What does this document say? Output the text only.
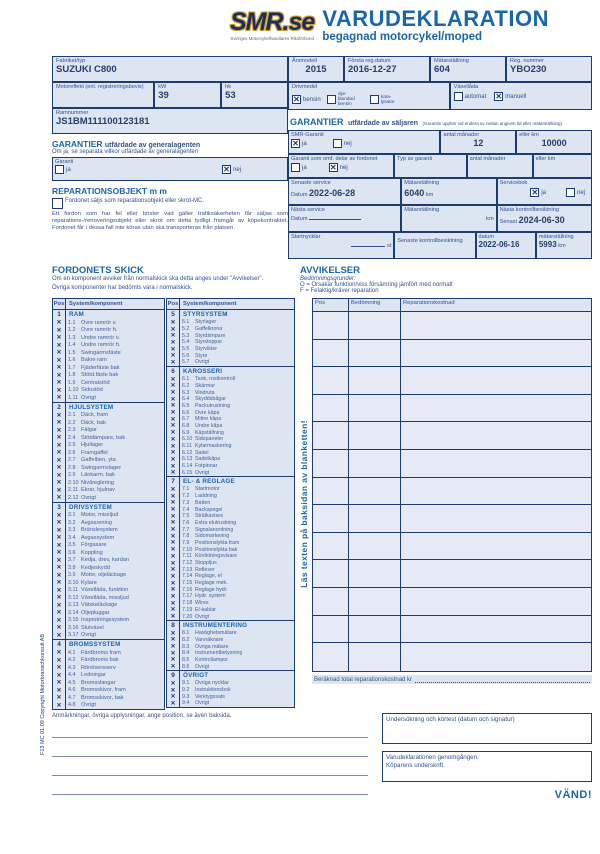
F13 MC 01.09 Copyright Motorbranschkonsult AB
SMR.se
Sveriges Motorcykelhandlares Riksförbund
VARUDEKLARATION
begagnad motorcykel/moped
Fabrikat/typ
SUZUKI C800
Motoreffekt (enl. registreringsbevis)	kW
39
hk
53
Ramnummer
JS1BM111100123181
GARANTIER utfärdade av generalagenten
Om ja, se separata villkor utfärdade av generalagenten
Garanti
ja	✕ nej
REPARATIONSOBJEKT m m
Fordonet säljs som reparationsobjekt eller skrot-MC.
Ett fordon som har fel eller brister vad gäller trafiksäkerheten får säljas som reparations-/renoveringsobjekt eller skrot om detta tydligt framgår av köpekontraktet. Fordonet får i dessa fall inte köras utan ska transporteras från platsen.
Årsmodell
2015
Första reg.datum
2016-12-27
Mätarställning
604
Reg. nummer
YBO230
Drivmedel
✕ bensin
olje-blandad bensin
kata-lysator
Växellåda
automat ✕ manuell
GARANTIER utfärdade av säljaren (Garantin upphör vid endera av nedan angiven tid eller mätarställning)
SMR-Garanti
✕ ja	nej
antal månader
12
eller km
10000
Garanti som omf. delar av fordonet
ja	✕ nej
Typ av garanti	antal månader	eller km
Senaste service
Datum 2022-06-28
Mätarställning
6040 km
Servicebok
✕ ja	nej
Nästa service
Datum
Mätarställning
km
Nästa kontrollbesiktning
Senast 2024-06-30
Startnycklar
st
Senaste kontrollbesiktning
datum
2022-06-16
mätarställning
5993 km
FORDONETS SKICK
Om en komponent avviker från normalskick ska detta anges under "Avvikelser".
Övriga komponenter har bedömts vara i normalskick.
AVVIKELSER
Bedömningsgrunder:
O = Orsakar funktion/viss försämring jämfört med normalt
F = Felaktig/kräver reparation
Pos System/komponent
1	RAM
✕	1.1 Övre ramrör v.
✕	1.2 Övre ramrör h.
✕	1.3 Undre ramrör v.
✕	1.4 Undre ramrör h.
✕	1.5 Swingarmsfäste
✕	1.6 Bakre ram
✕	1.7 Fjäderfäste bak
✕	1.8 Stötd.fäste bak
✕	1.9 Centralstöd
✕	1.10 Sidostöd
✕	1.11 Övrigt
2	HJULSYSTEM
✕	2.1 Däck, fram
✕	2.2 Däck, bak
✕	2.3 Fälgar
✕	2.4 Stötdämpare, bak
✕	2.5 Hjullager
✕	2.6 Framgaffel
✕	2.7 Gaffelben, yta
✕	2.8 Swingarmslager
✕	2.9 Länkarm, bak
✕	2.10 Nivåreglering
✕	2.11 Ekrar, hjulnav
✕	2.12 Övrigt
3	DRIVSYSTEM
✕	3.1 Motor, missljud
✕	3.2 Avgasrening
✕	3.3 Bränslesystem
✕	3.4 Avgassystem
✕	3.5 Förgasare
✕	3.6 Koppling
✕	3.7 Kedja, drev, kardan
✕	3.8 Kedjeskydd
✕	3.9 Motor, oljeläckage
✕	3.10 Kylare
✕	3.11 Växellåda, funktion
✕	3.12 Växellåda, missljud
✕	3.13 Vätskeläckage
✕	3.14 Oljepluggar
✕	3.15 Insprutningssystem
✕	3.16 Slutväxel
✕	3.17 Övrigt
4	BROMSSYSTEM
✕	4.1 Färdbroms fram
✕	4.2 Färdbroms bak
✕	4.3 Rörelsereserv
✕	4.4 Ledningar
✕	4.5 Bromsslangar
✕	4.6 Bromsskivor, fram
✕	4.7 Bromsskivor, bak
✕	4.8 Övrigt
Pos System/komponent
5	STYRSYSTEM
✕	5.1	Styrlager
✕	5.2	Gaffelkrona
✕	5.3	Styrdämpare
✕	5.4	Styrstoppar
✕	5.5	Styrvikter
✕	5.6	Styre
✕	5.7	Övrigt
6	KAROSSERI
✕	6.1	Tank, rostkontroll
✕	6.2	Skärmar
✕	6.3	Vindruta
✕	6.4	Skyddsbågar
✕	6.5	Packutrustning
✕	6.6	Övre kåpa
✕	6.7	Mittre kåpa
✕	6.8	Undre kåpa
✕	6.9	Kåpställning
✕	6.10 Sidopaneler
✕	6.11 Kylarmaskering
✕	6.12 Sadel
✕	6.13 Sadelkåpa
✕	6.14 Fotpinnar
✕	6.15 Övrigt
7	EL- & REGLAGE
✕	7.1	Startmotor
✕	7.2	Laddning
✕	7.3	Batteri
✕	7.4	Backspegel
✕	7.5	Strålkastare
✕	7.6	Extra elutrustning
✕	7.7	Signalanordning
✕	7.8	Sidomarkering
✕	7.9	Positionslykta fram
✕	7.10 Positionslykta bak
✕	7.11 Körriktningsvisare
✕	7.12 Stoppljus
✕	7.13 Reflexer
✕	7.14 Reglage, el
✕	7.15 Reglage mek.
✕	7.16 Reglage hydr.
✕	7.17 Hydr. system
✕	7.18 Wires
✕	7.19 El-kablar
✕	7.20 Övrigt
8	INSTRUMENTERING
✕	8.1	Hastighetsmätare
✕	8.2	Varvräknare
✕	8.3	Övriga mätare
✕	8.4	Instrumentbelysning
✕	8.5	Kontrollampor
✕	8.6	Övrigt
9	ÖVRIGT
✕	9.1	Övriga nycklar
✕	9.2	Instruktionsbok
✕	9.3	Verktygssats
✕	9.4	Övrigt
Läs texten på baksidan av blanketten!
Pos	Bedömning	Reparationskostnad
Beräknad total reparationskostnad kr
Anmärkningar, övriga upplysningar, ange position, se även baksida.	Undersökning och körtest (datum och signatur)
Varudeklarationen genomgången.
Köparens underskrift.
VÄND!
